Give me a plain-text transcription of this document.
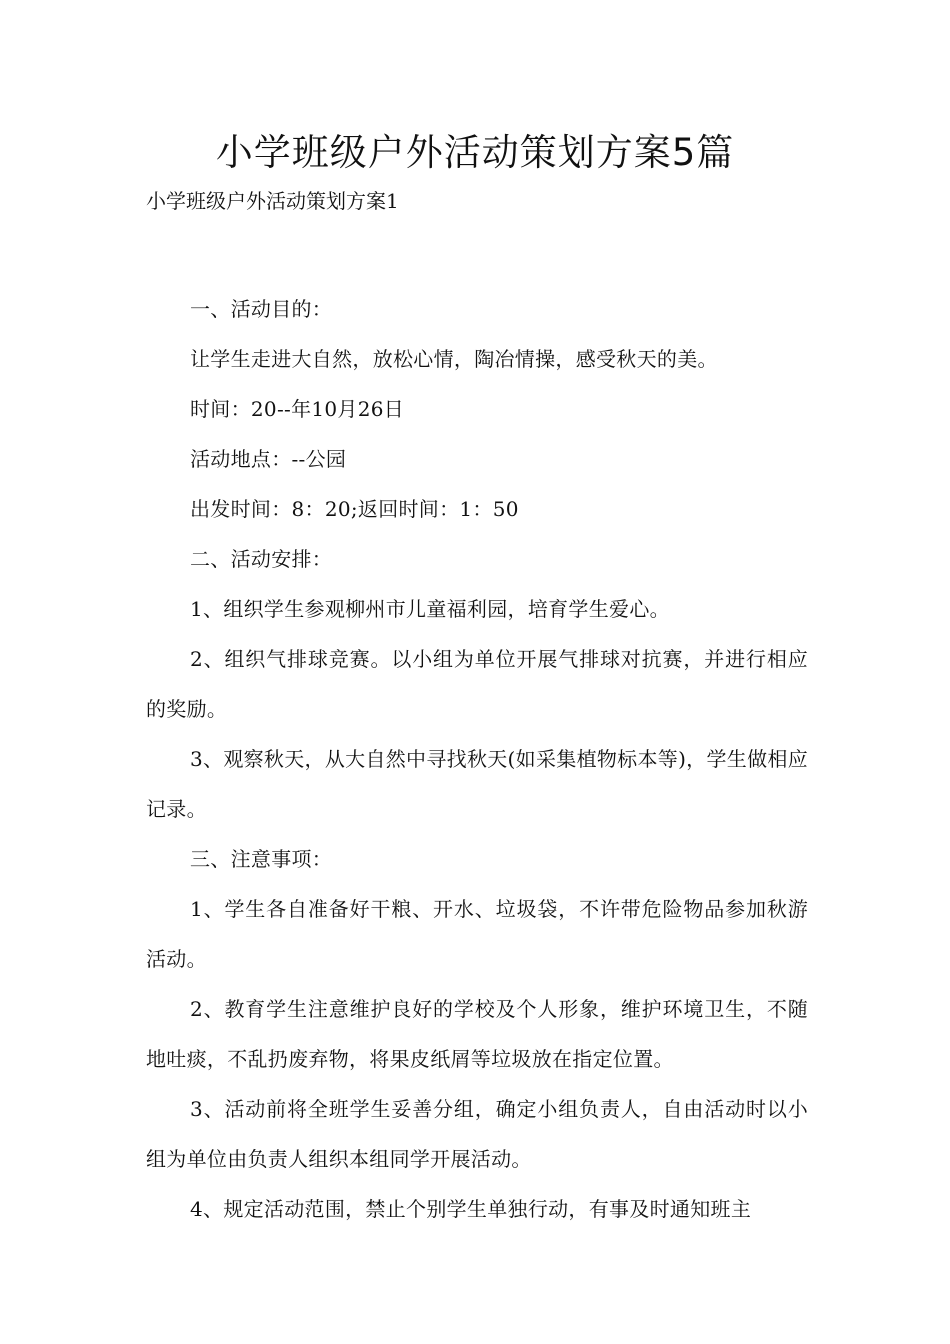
小学班级户外活动策划方案5篇

小学班级户外活动策划方案1

一、活动目的：

让学生走进大自然，放松心情，陶冶情操，感受秋天的美。

时间：20--年10月26日

活动地点：--公园

出发时间：8：20;返回时间：1：50

二、活动安排：

1、组织学生参观柳州市儿童福利园，培育学生爱心。

2、组织气排球竞赛。以小组为单位开展气排球对抗赛，并进行相应的奖励。

3、观察秋天，从大自然中寻找秋天(如采集植物标本等)，学生做相应记录。

三、注意事项：

1、学生各自准备好干粮、开水、垃圾袋，不许带危险物品参加秋游活动。

2、教育学生注意维护良好的学校及个人形象，维护环境卫生，不随地吐痰，不乱扔废弃物，将果皮纸屑等垃圾放在指定位置。

3、活动前将全班学生妥善分组，确定小组负责人，自由活动时以小组为单位由负责人组织本组同学开展活动。

4、规定活动范围，禁止个别学生单独行动，有事及时通知班主
